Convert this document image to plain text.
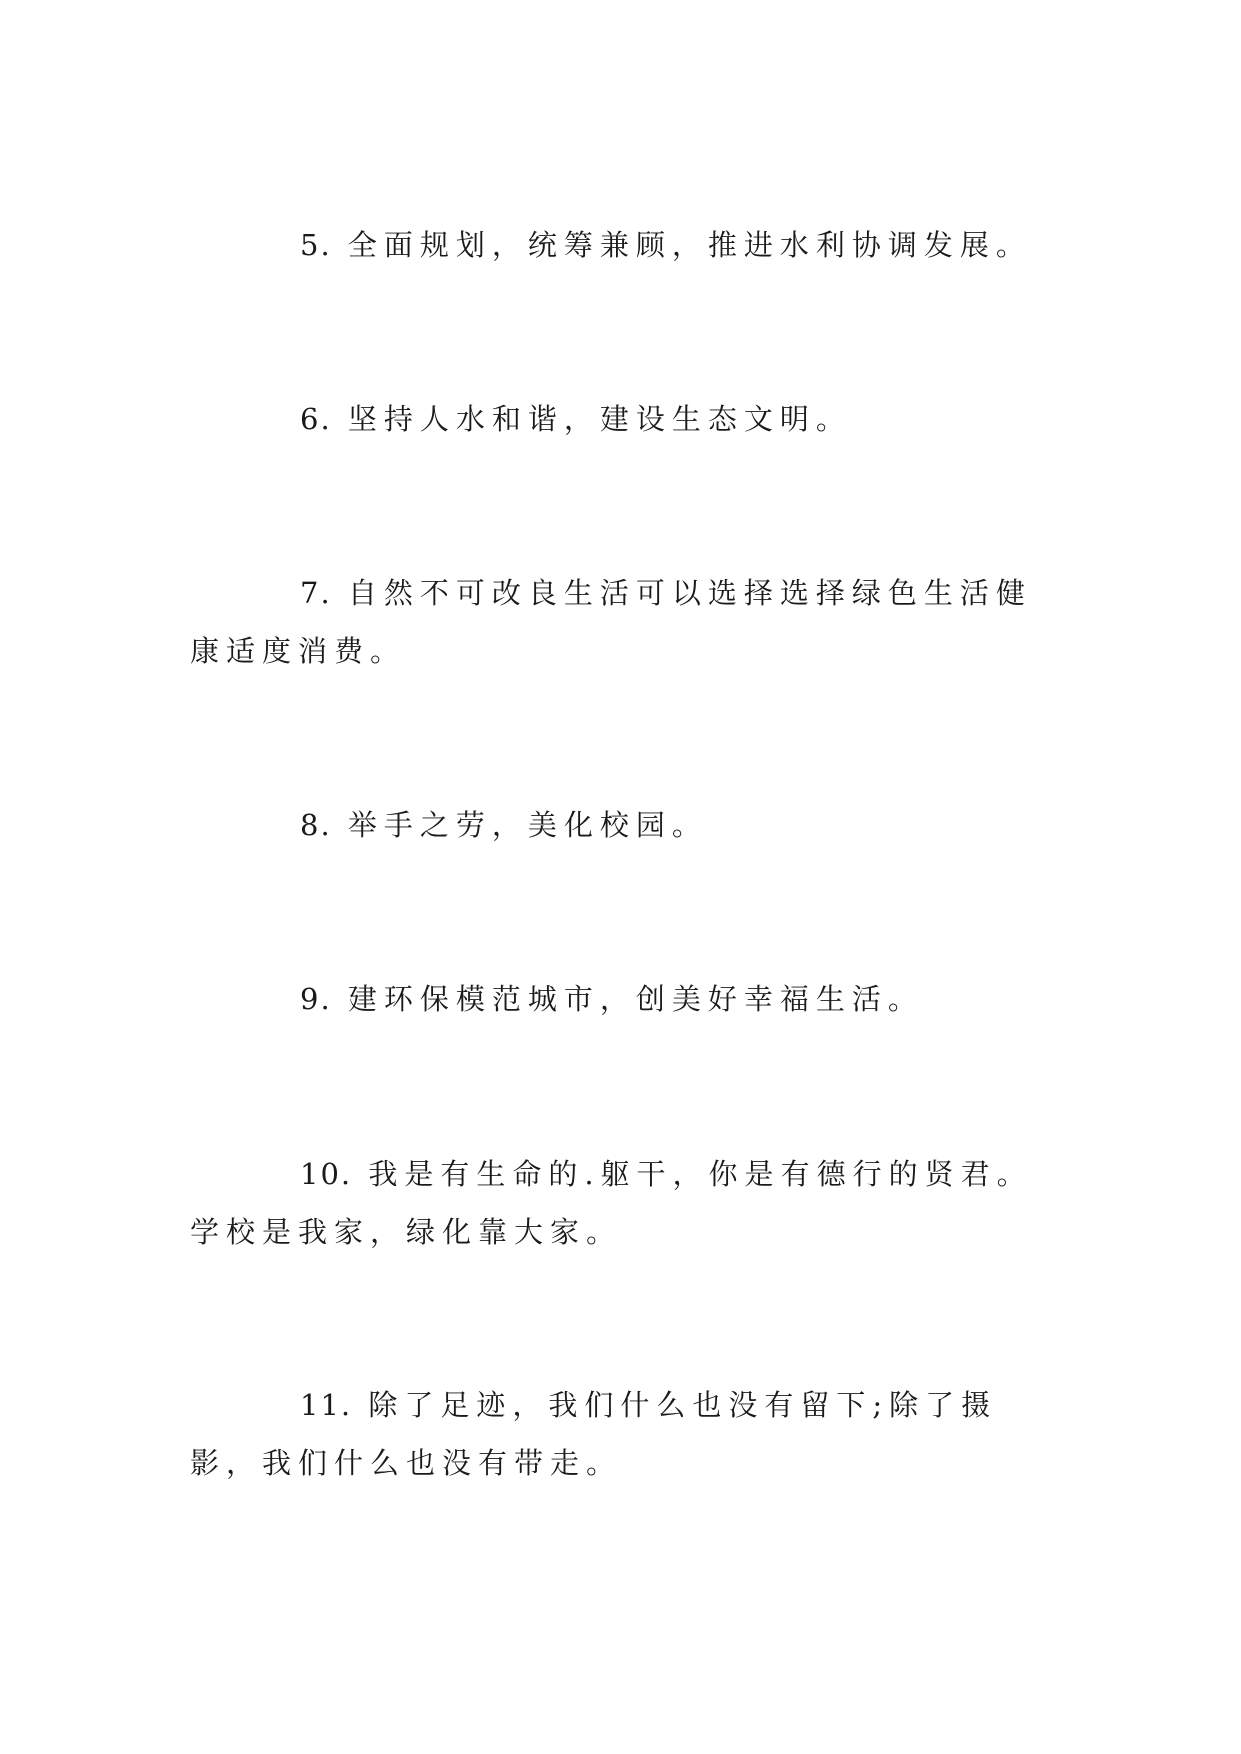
5. 全面规划，统筹兼顾，推进水利协调发展。

6. 坚持人水和谐，建设生态文明。

7. 自然不可改良生活可以选择选择绿色生活健康适度消费。

8. 举手之劳，美化校园。

9. 建环保模范城市，创美好幸福生活。

10. 我是有生命的.躯干，你是有德行的贤君。学校是我家，绿化靠大家。

11. 除了足迹，我们什么也没有留下;除了摄影，我们什么也没有带走。
